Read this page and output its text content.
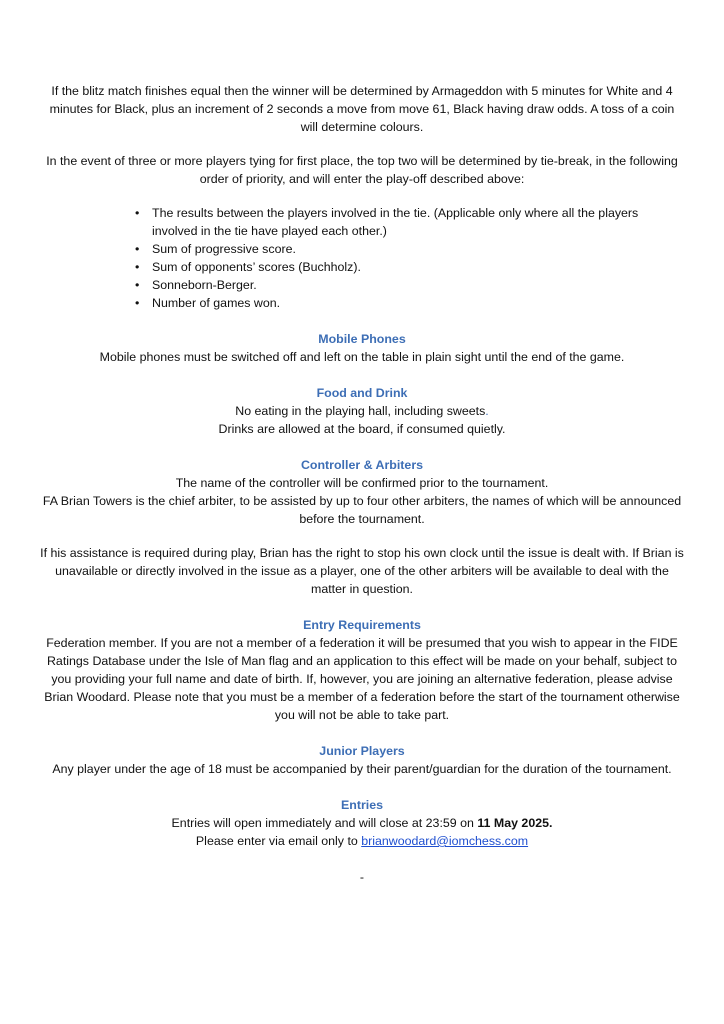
If the blitz match finishes equal then the winner will be determined by Armageddon with 5 minutes for White and 4 minutes for Black, plus an increment of 2 seconds a move from move 61, Black having draw odds. A toss of a coin will determine colours.

In the event of three or more players tying for first place, the top two will be determined by tie-break, in the following order of priority, and will enter the play-off described above:

• The results between the players involved in the tie. (Applicable only where all the players involved in the tie have played each other.)
• Sum of progressive score.
• Sum of opponents’ scores (Buchholz).
• Sonneborn-Berger.
• Number of games won.

Mobile Phones

Mobile phones must be switched off and left on the table in plain sight until the end of the game.

Food and Drink

No eating in the playing hall, including sweets.

Drinks are allowed at the board, if consumed quietly.

Controller & Arbiters

The name of the controller will be confirmed prior to the tournament.

FA Brian Towers is the chief arbiter, to be assisted by up to four other arbiters, the names of which will be announced before the tournament.

If his assistance is required during play, Brian has the right to stop his own clock until the issue is dealt with. If Brian is unavailable or directly involved in the issue as a player, one of the other arbiters will be available to deal with the matter in question.

Entry Requirements

Federation member. If you are not a member of a federation it will be presumed that you wish to appear in the FIDE Ratings Database under the Isle of Man flag and an application to this effect will be made on your behalf, subject to you providing your full name and date of birth. If, however, you are joining an alternative federation, please advise Brian Woodard. Please note that you must be a member of a federation before the start of the tournament otherwise you will not be able to take part.

Junior Players

Any player under the age of 18 must be accompanied by their parent/guardian for the duration of the tournament.

Entries

Entries will open immediately and will close at 23:59 on 11 May 2025.

Please enter via email only to brianwoodard@iomchess.com

-
